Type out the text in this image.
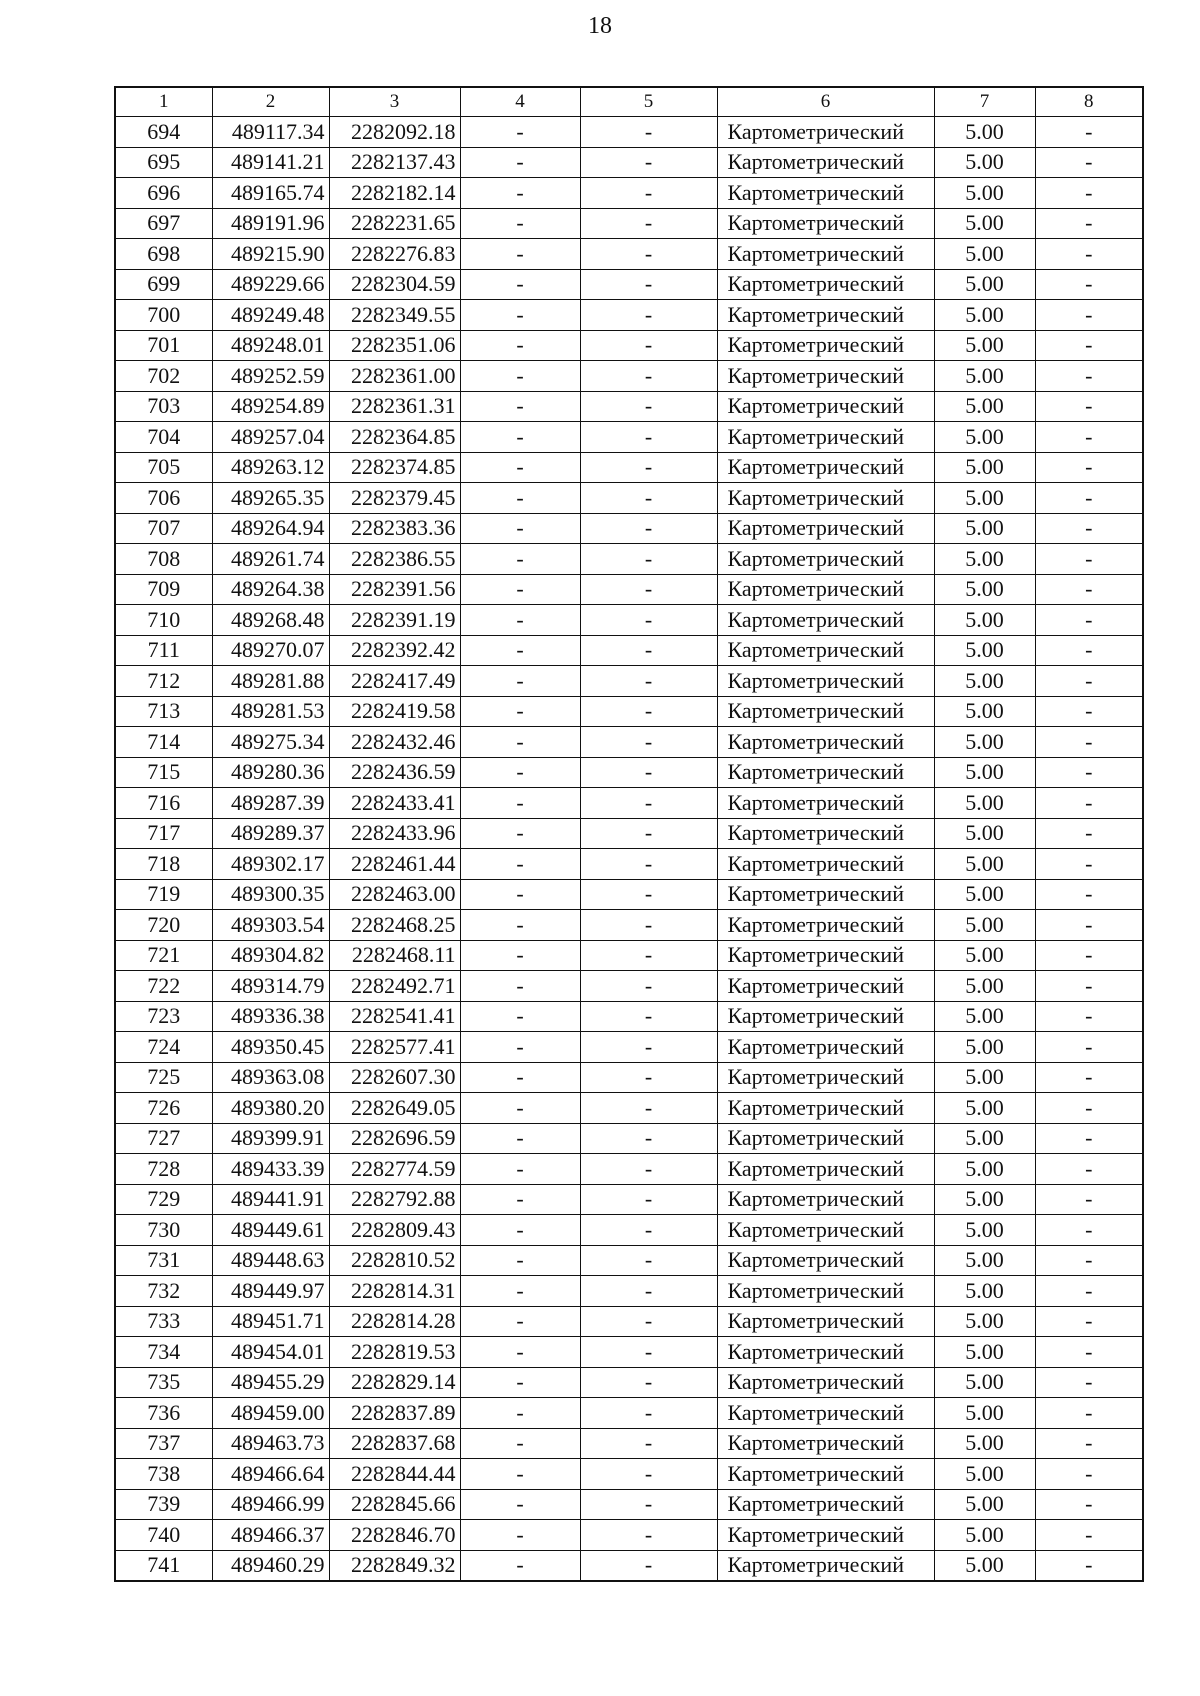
18
1	2	3	4	5	6	7	8
694	489117.34	2282092.18	-	-	Картометрический	5.00	-
695	489141.21	2282137.43	-	-	Картометрический	5.00	-
696	489165.74	2282182.14	-	-	Картометрический	5.00	-
697	489191.96	2282231.65	-	-	Картометрический	5.00	-
698	489215.90	2282276.83	-	-	Картометрический	5.00	-
699	489229.66	2282304.59	-	-	Картометрический	5.00	-
700	489249.48	2282349.55	-	-	Картометрический	5.00	-
701	489248.01	2282351.06	-	-	Картометрический	5.00	-
702	489252.59	2282361.00	-	-	Картометрический	5.00	-
703	489254.89	2282361.31	-	-	Картометрический	5.00	-
704	489257.04	2282364.85	-	-	Картометрический	5.00	-
705	489263.12	2282374.85	-	-	Картометрический	5.00	-
706	489265.35	2282379.45	-	-	Картометрический	5.00	-
707	489264.94	2282383.36	-	-	Картометрический	5.00	-
708	489261.74	2282386.55	-	-	Картометрический	5.00	-
709	489264.38	2282391.56	-	-	Картометрический	5.00	-
710	489268.48	2282391.19	-	-	Картометрический	5.00	-
711	489270.07	2282392.42	-	-	Картометрический	5.00	-
712	489281.88	2282417.49	-	-	Картометрический	5.00	-
713	489281.53	2282419.58	-	-	Картометрический	5.00	-
714	489275.34	2282432.46	-	-	Картометрический	5.00	-
715	489280.36	2282436.59	-	-	Картометрический	5.00	-
716	489287.39	2282433.41	-	-	Картометрический	5.00	-
717	489289.37	2282433.96	-	-	Картометрический	5.00	-
718	489302.17	2282461.44	-	-	Картометрический	5.00	-
719	489300.35	2282463.00	-	-	Картометрический	5.00	-
720	489303.54	2282468.25	-	-	Картометрический	5.00	-
721	489304.82	2282468.11	-	-	Картометрический	5.00	-
722	489314.79	2282492.71	-	-	Картометрический	5.00	-
723	489336.38	2282541.41	-	-	Картометрический	5.00	-
724	489350.45	2282577.41	-	-	Картометрический	5.00	-
725	489363.08	2282607.30	-	-	Картометрический	5.00	-
726	489380.20	2282649.05	-	-	Картометрический	5.00	-
727	489399.91	2282696.59	-	-	Картометрический	5.00	-
728	489433.39	2282774.59	-	-	Картометрический	5.00	-
729	489441.91	2282792.88	-	-	Картометрический	5.00	-
730	489449.61	2282809.43	-	-	Картометрический	5.00	-
731	489448.63	2282810.52	-	-	Картометрический	5.00	-
732	489449.97	2282814.31	-	-	Картометрический	5.00	-
733	489451.71	2282814.28	-	-	Картометрический	5.00	-
734	489454.01	2282819.53	-	-	Картометрический	5.00	-
735	489455.29	2282829.14	-	-	Картометрический	5.00	-
736	489459.00	2282837.89	-	-	Картометрический	5.00	-
737	489463.73	2282837.68	-	-	Картометрический	5.00	-
738	489466.64	2282844.44	-	-	Картометрический	5.00	-
739	489466.99	2282845.66	-	-	Картометрический	5.00	-
740	489466.37	2282846.70	-	-	Картометрический	5.00	-
741	489460.29	2282849.32	-	-	Картометрический	5.00	-
